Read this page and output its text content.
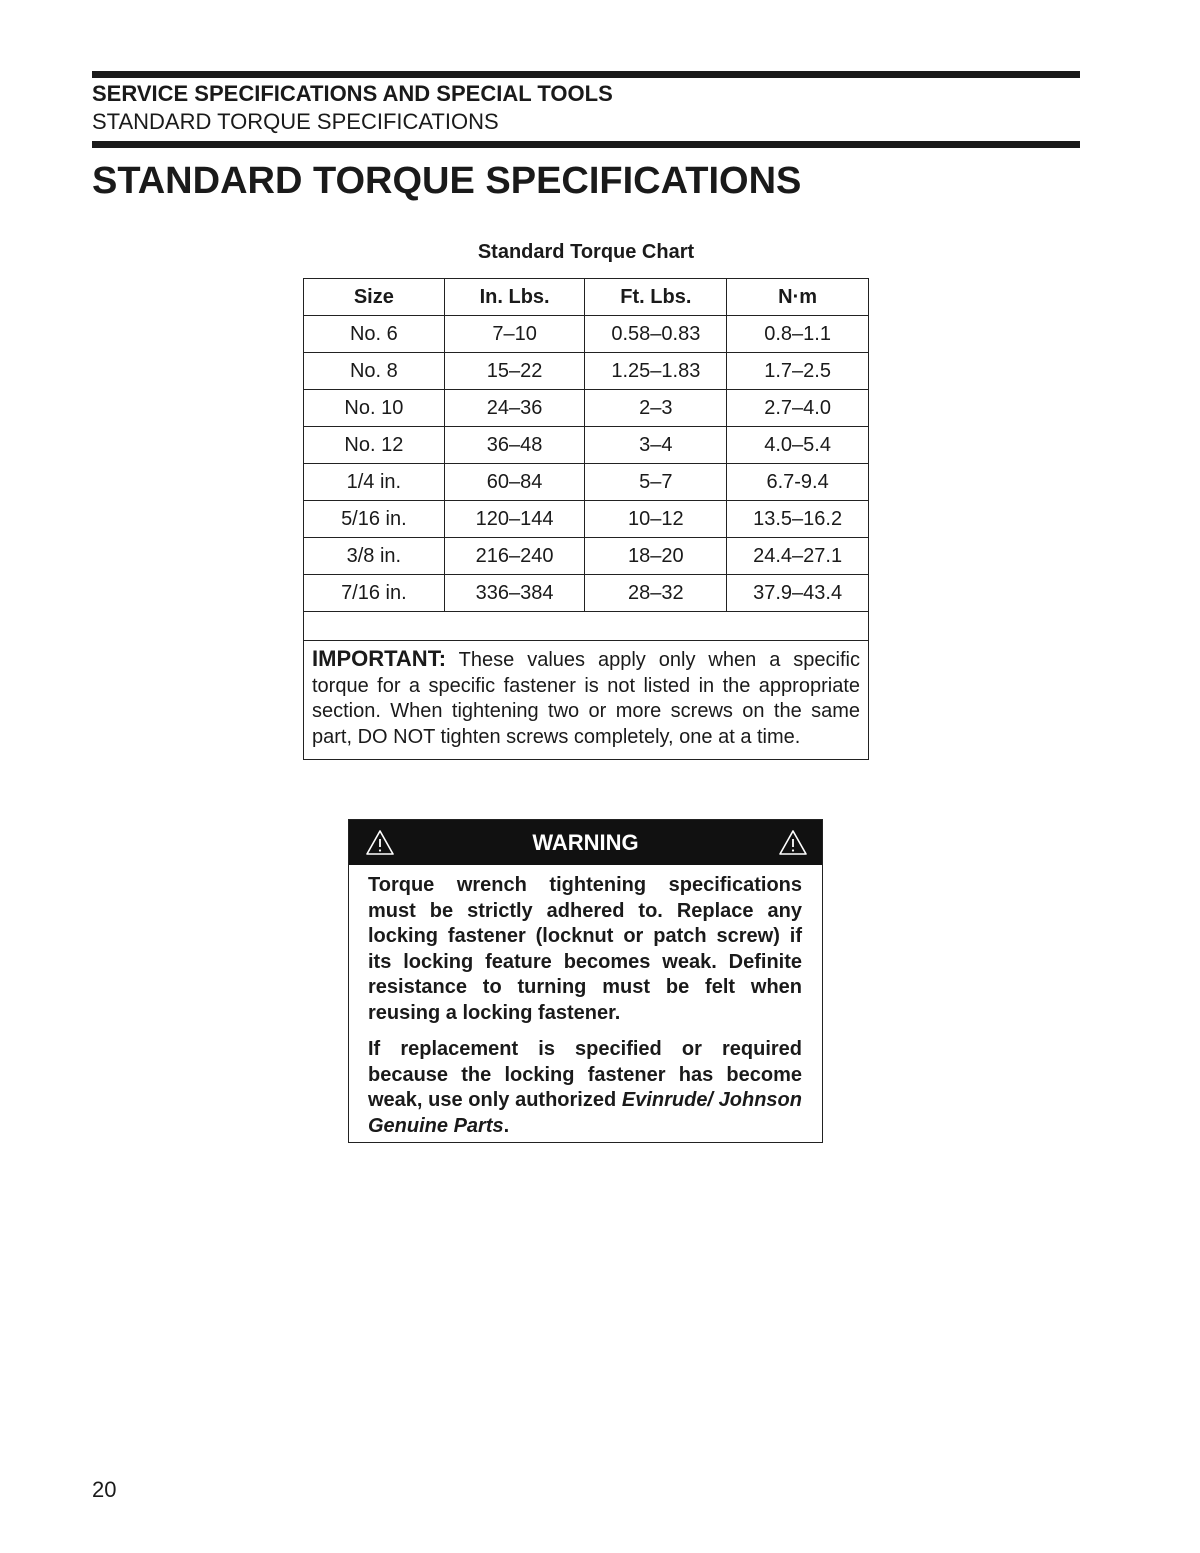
SERVICE SPECIFICATIONS AND SPECIAL TOOLS
STANDARD TORQUE SPECIFICATIONS
STANDARD TORQUE SPECIFICATIONS
Standard Torque Chart
Size	In. Lbs.	Ft. Lbs.	N·m
No. 6	7–10	0.58–0.83	0.8–1.1
No. 8	15–22	1.25–1.83	1.7–2.5
No. 10	24–36	2–3	2.7–4.0
No. 12	36–48	3–4	4.0–5.4
1/4 in.	60–84	5–7	6.7-9.4
5/16 in.	120–144	10–12	13.5–16.2
3/8 in.	216–240	18–20	24.4–27.1
7/16 in.	336–384	28–32	37.9–43.4

IMPORTANT: These values apply only when a specific torque for a specific fastener is not listed in the appropriate section. When tightening two or more screws on the same part, DO NOT tighten screws completely, one at a time.			
WARNING

Torque wrench tightening specifications must be strictly adhered to. Replace any locking fastener (locknut or patch screw) if its locking feature becomes weak. Definite resistance to turning must be felt when reusing a locking fastener.

If replacement is specified or required because the locking fastener has become weak, use only authorized Evinrude/ Johnson Genuine Parts.

20
